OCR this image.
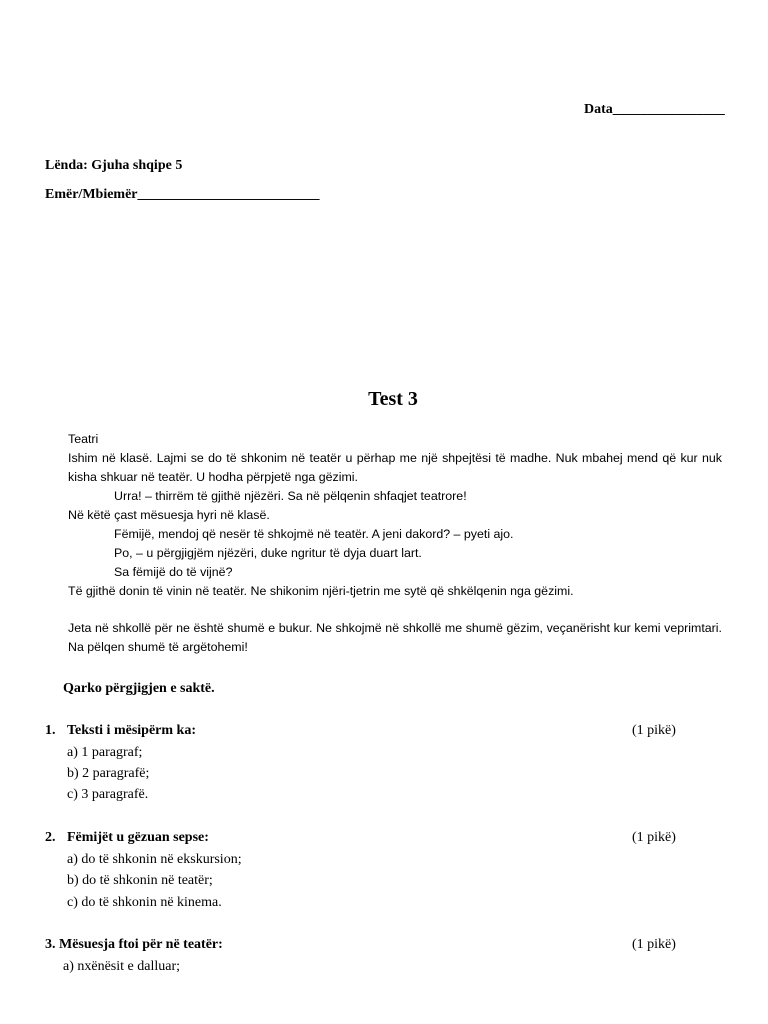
Data________________
Lënda: Gjuha shqipe 5
Emër/Mbiemër__________________________
Test 3

Teatri

Ishim në klasë. Lajmi se do të shkonim në teatër u përhap me një shpejtësi të madhe. Nuk mbahej mend që kur nuk kisha shkuar në teatër. U hodha përpjetë nga gëzimi.

Urra! – thirrëm të gjithë njëzëri. Sa në pëlqenin shfaqjet teatrore!

Në këtë çast mësuesja hyri në klasë.

Fëmijë, mendoj që nesër të shkojmë në teatër. A jeni dakord? – pyeti ajo.

Po, – u përgjigjëm njëzëri, duke ngritur të dyja duart lart.

Sa fëmijë do të vijnë?

Të gjithë donin të vinin në teatër. Ne shikonim njëri-tjetrin me sytë që shkëlqenin nga gëzimi.

Jeta në shkollë për ne është shumë e bukur. Ne shkojmë në shkollë me shumë gëzim, veçanërisht kur kemi veprimtari. Na pëlqen shumë të argëtohemi!

Qarko përgjigjen e saktë.
1. Teksti i mësipërm ka:	(1 pikë)
a) 1 paragraf;
b) 2 paragrafë;
c) 3 paragrafë.
2. Fëmijët u gëzuan sepse:	(1 pikë)
a) do të shkonin në ekskursion;
b) do të shkonin në teatër;
c) do të shkonin në kinema.
3. Mësuesja ftoi për në teatër:	(1 pikë)
a) nxënësit e dalluar;
